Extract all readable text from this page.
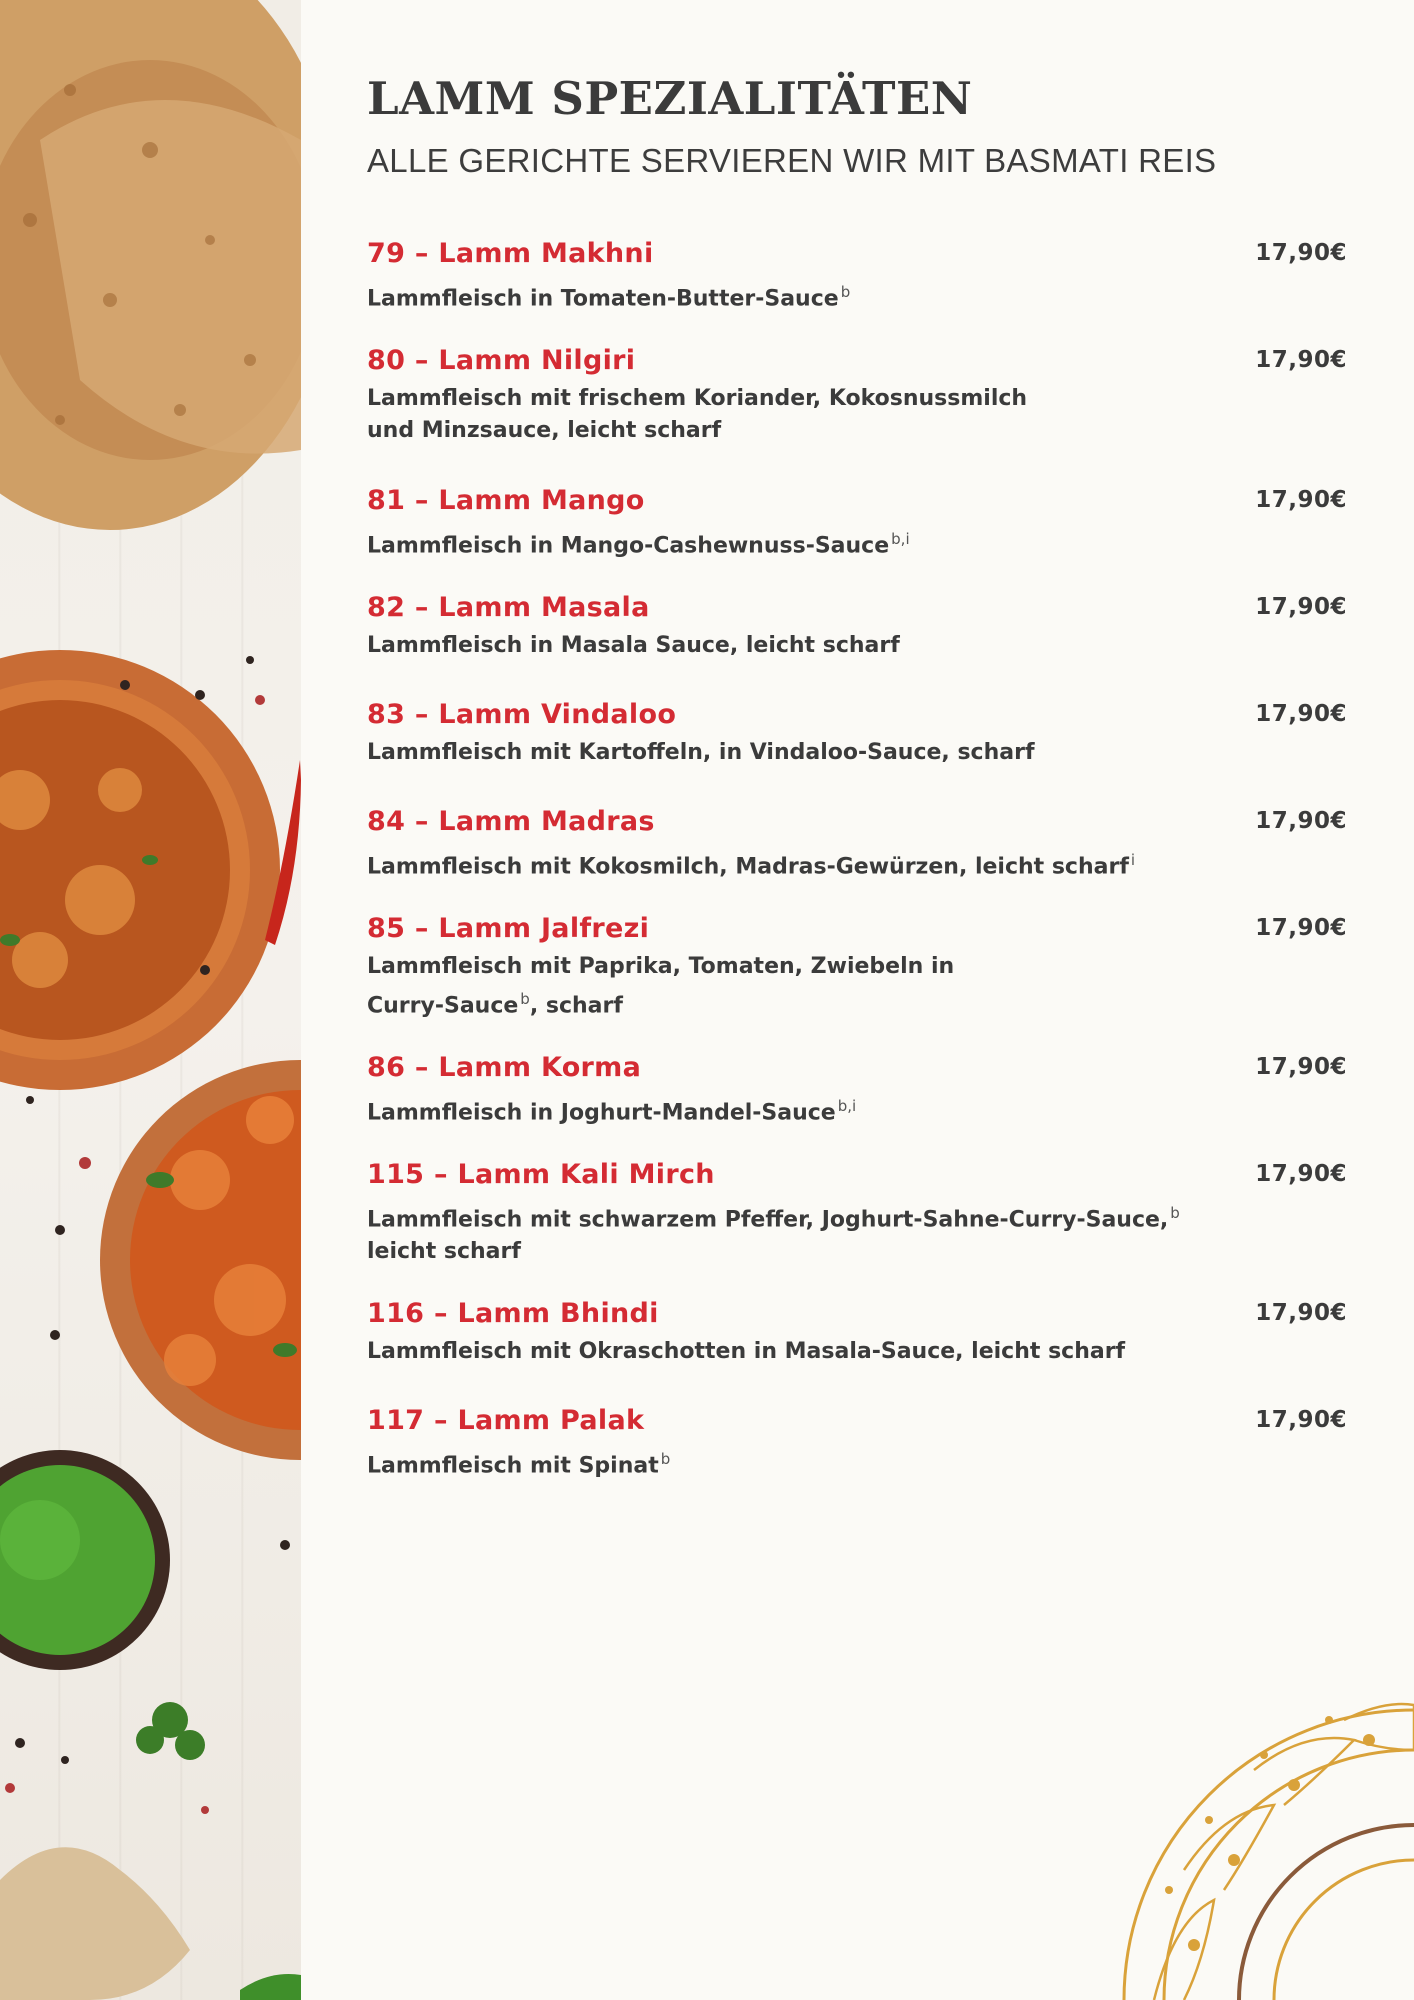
LAMM SPEZIALITÄTEN
ALLE GERICHTE SERVIEREN WIR MIT BASMATI REIS
79 – Lamm Makhni	17,90€
Lammfleisch in Tomaten-Butter-Sauce $^b$
80 – Lamm Nilgiri	17,90€
Lammfleisch mit frischem Koriander, Kokosnussmilch
und Minzsauce, leicht scharf
81 – Lamm Mango	17,90€
Lammfleisch in Mango-Cashewnuss-Sauce $^{b,i}$
82 – Lamm Masala	17,90€
Lammfleisch in Masala Sauce, leicht scharf
83 – Lamm Vindaloo	17,90€
Lammfleisch mit Kartoffeln, in Vindaloo-Sauce, scharf
84 – Lamm Madras	17,90€
Lammfleisch mit Kokosmilch, Madras-Gewürzen, leicht scharf $^i$
85 – Lamm Jalfrezi	17,90€
Lammfleisch mit Paprika, Tomaten, Zwiebeln in
Curry-Sauce $^b$, scharf
86 – Lamm Korma	17,90€
Lammfleisch in Joghurt-Mandel-Sauce $^{b,i}$
115 – Lamm Kali Mirch	17,90€
Lammfleisch mit schwarzem Pfeffer, Joghurt-Sahne-Curry-Sauce, $^b$
leicht scharf
116 – Lamm Bhindi	17,90€
Lammfleisch mit Okraschotten in Masala-Sauce, leicht scharf
117 – Lamm Palak	17,90€
Lammfleisch mit Spinat $^b$
